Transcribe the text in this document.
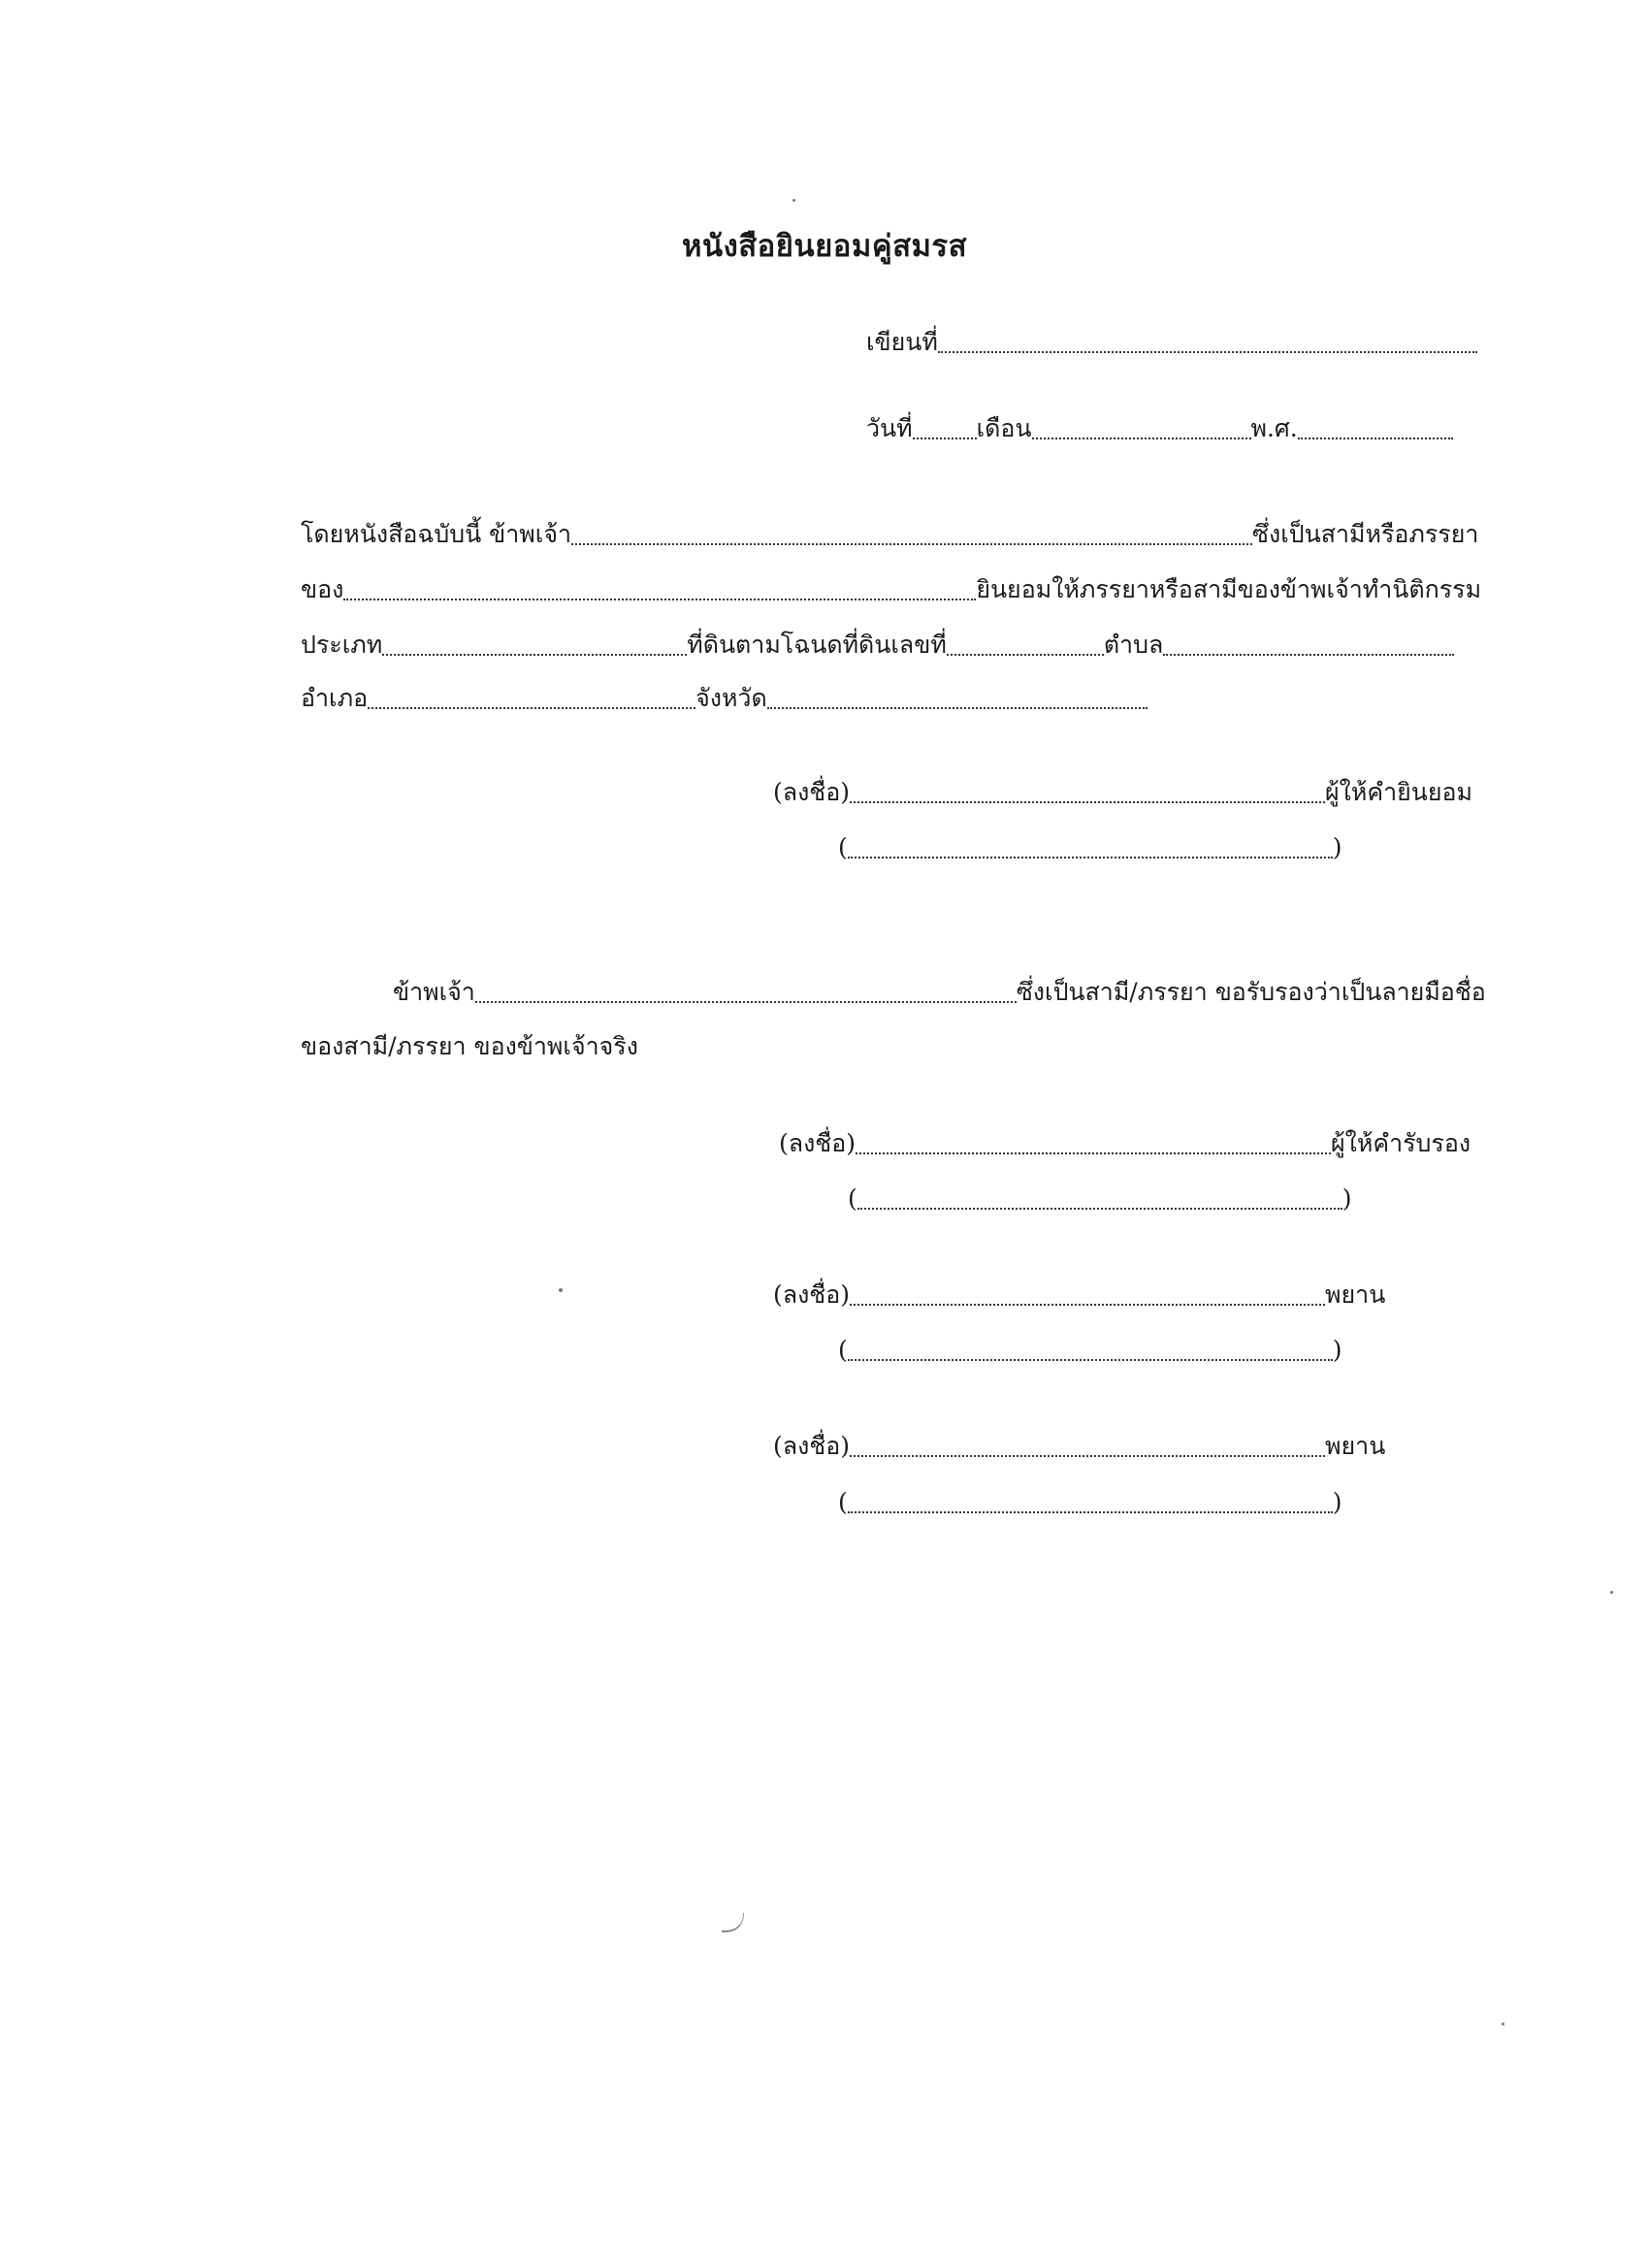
หนังสือยินยอมคู่สมรส
เขียนที่
วันที่	เดือน	พ.ศ.
โดยหนังสือฉบับนี้ ข้าพเจ้า	ซึ่งเป็นสามีหรือภรรยา
ของ	ยินยอมให้ภรรยาหรือสามีของข้าพเจ้าทำนิติกรรม
ประเภท	ที่ดินตามโฉนดที่ดินเลขที่	ตำบล
อำเภอ	จังหวัด
(ลงชื่อ)	ผู้ให้คำยินยอม
(	)
ข้าพเจ้า	ซึ่งเป็นสามี/ภรรยา ขอรับรองว่าเป็นลายมือชื่อ
ของสามี/ภรรยา ของข้าพเจ้าจริง
(ลงชื่อ)	ผู้ให้คำรับรอง
(	)
(ลงชื่อ)	พยาน
(	)
(ลงชื่อ)	พยาน
(	)
